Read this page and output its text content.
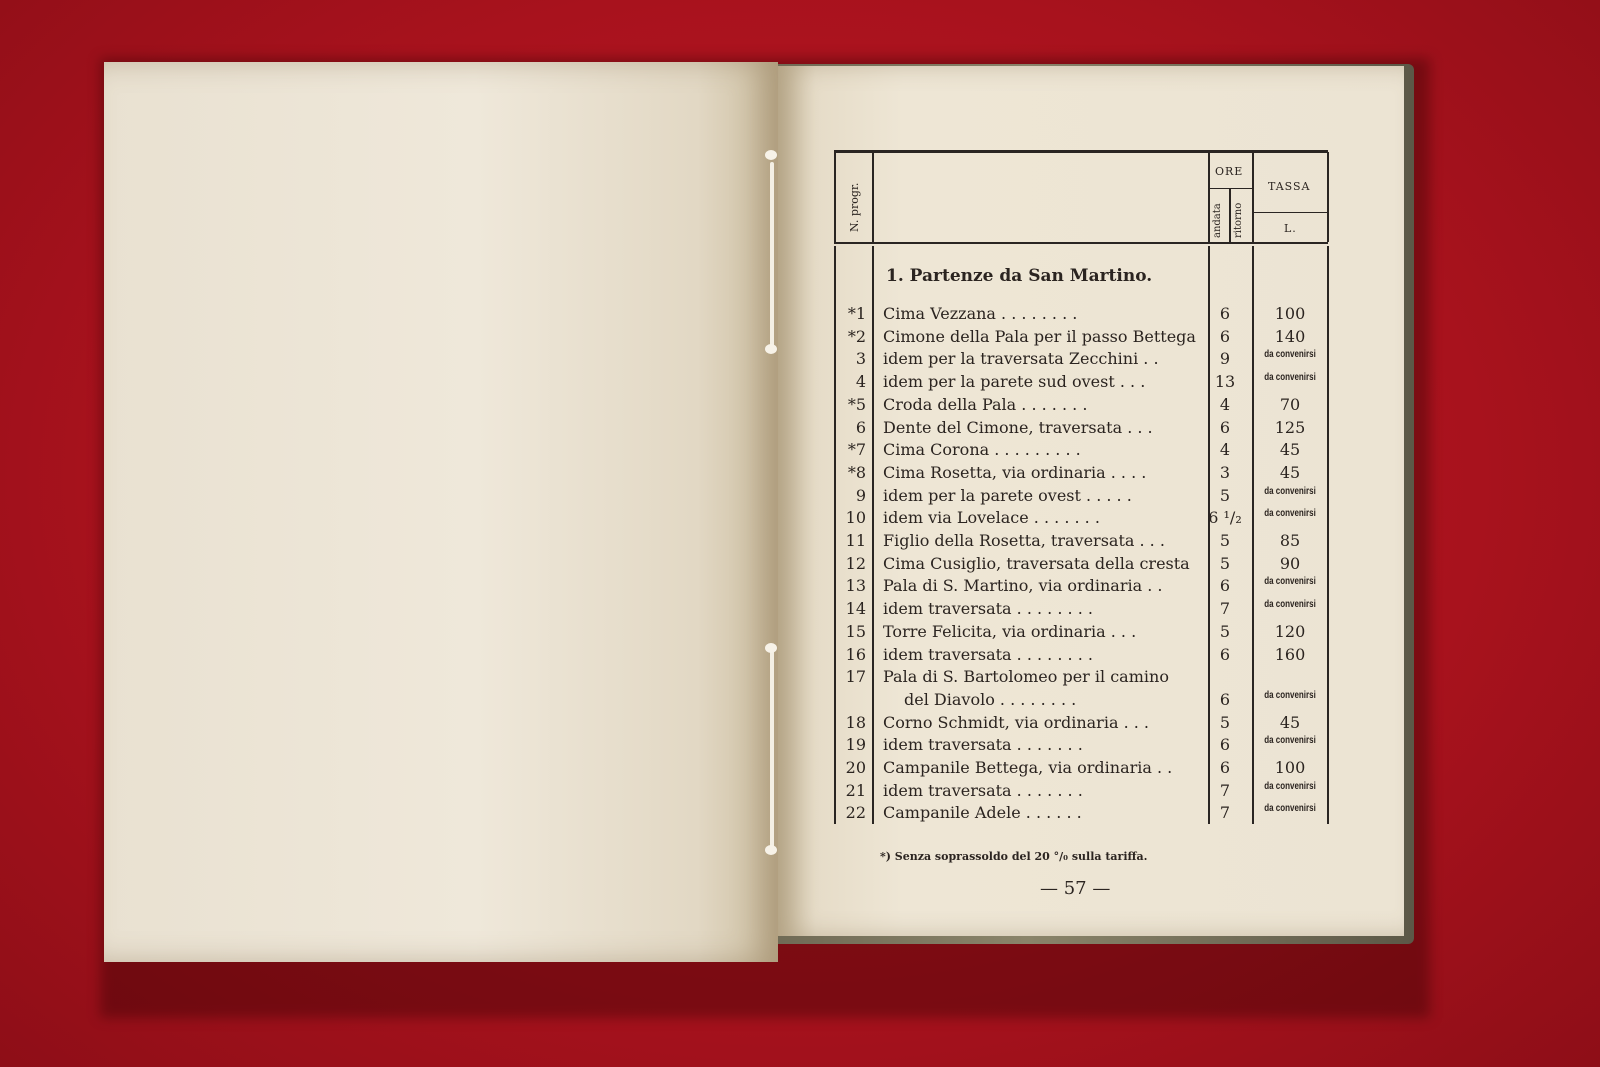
N. progr.
ORE
andata ritorno
TASSA
L.
1. Partenze da San Martino.
*1 Cima Vezzana . . . . . . . .	6	100
*2 Cimone della Pala per il passo Bettega	6	140
3 idem per la traversata Zecchini . .	9	da convenirsi
4 idem per la parete sud ovest . . .	13	da convenirsi
*5 Croda della Pala . . . . . . .	4	70
6 Dente del Cimone, traversata . . .	6	125
*7 Cima Corona . . . . . . . . .	4	45
*8 Cima Rosetta, via ordinaria . . . .	3	45
9 idem per la parete ovest . . . . .	5	da convenirsi
10 idem via Lovelace . . . . . . .	6 ¹/₂	da convenirsi
11 Figlio della Rosetta, traversata . . .	5	85
12 Cima Cusiglio, traversata della cresta	5	90
13 Pala di S. Martino, via ordinaria . .	6	da convenirsi
14 idem traversata . . . . . . . .	7	da convenirsi
15 Torre Felicita, via ordinaria . . .	5	120
16 idem traversata . . . . . . . .	6	160
17 Pala di S. Bartolomeo per il camino
del Diavolo . . . . . . . .	6	da convenirsi
18 Corno Schmidt, via ordinaria . . .	5	45
19 idem traversata . . . . . . .	6	da convenirsi
20 Campanile Bettega, via ordinaria . .	6	100
21 idem traversata . . . . . . .	7	da convenirsi
22 Campanile Adele . . . . . .	7	da convenirsi
*) Senza soprassoldo del 20 °/₀ sulla tariffa.
— 57 —
